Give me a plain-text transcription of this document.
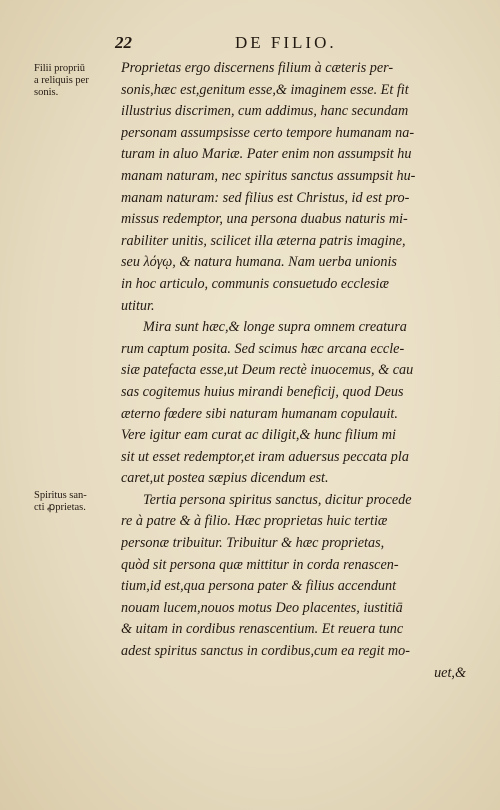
22	DE FILIO.
Filii propriū
a reliquis per
sonis.
Spiritus san-
cti ꝓprietas.
Proprietas ergo discernens filium à cæteris per-
sonis,hæc est,genitum esse,& imaginem esse. Et fit
illustrius discrimen, cum addimus, hanc secundam
personam assumpsisse certo tempore humanam na-
turam in aluo Mariæ. Pater enim non assumpsit hu
manam naturam, nec spiritus sanctus assumpsit hu-
manam naturam: sed filius est Christus, id est pro-
missus redemptor, una persona duabus naturis mi-
rabiliter unitis, scilicet illa æterna patris imagine,
seu λόγῳ, & natura humana. Nam uerba unionis
in hoc articulo, communis consuetudo ecclesiæ
utitur.
Mira sunt hæc,& longe supra omnem creatura
rum captum posita. Sed scimus hæc arcana eccle-
siæ patefacta esse,ut Deum rectè inuocemus, & cau
sas cogitemus huius mirandi beneficij, quod Deus
æterno fœdere sibi naturam humanam copulauit.
Vere igitur eam curat ac diligit,& hunc filium mi
sit ut esset redemptor,et iram aduersus peccata pla
caret,ut postea sæpius dicendum est.
Tertia persona spiritus sanctus, dicitur procede
re à patre & à filio. Hæc proprietas huic tertiæ
personæ tribuitur. Tribuitur & hæc proprietas,
quòd sit persona quæ mittitur in corda renascen-
tium,id est,qua persona pater & filius accendunt
nouam lucem,nouos motus Deo placentes, iustitiā
& uitam in cordibus renascentium. Et reuera tunc
adest spiritus sanctus in cordibus,cum ea regit mo-
uet,&
